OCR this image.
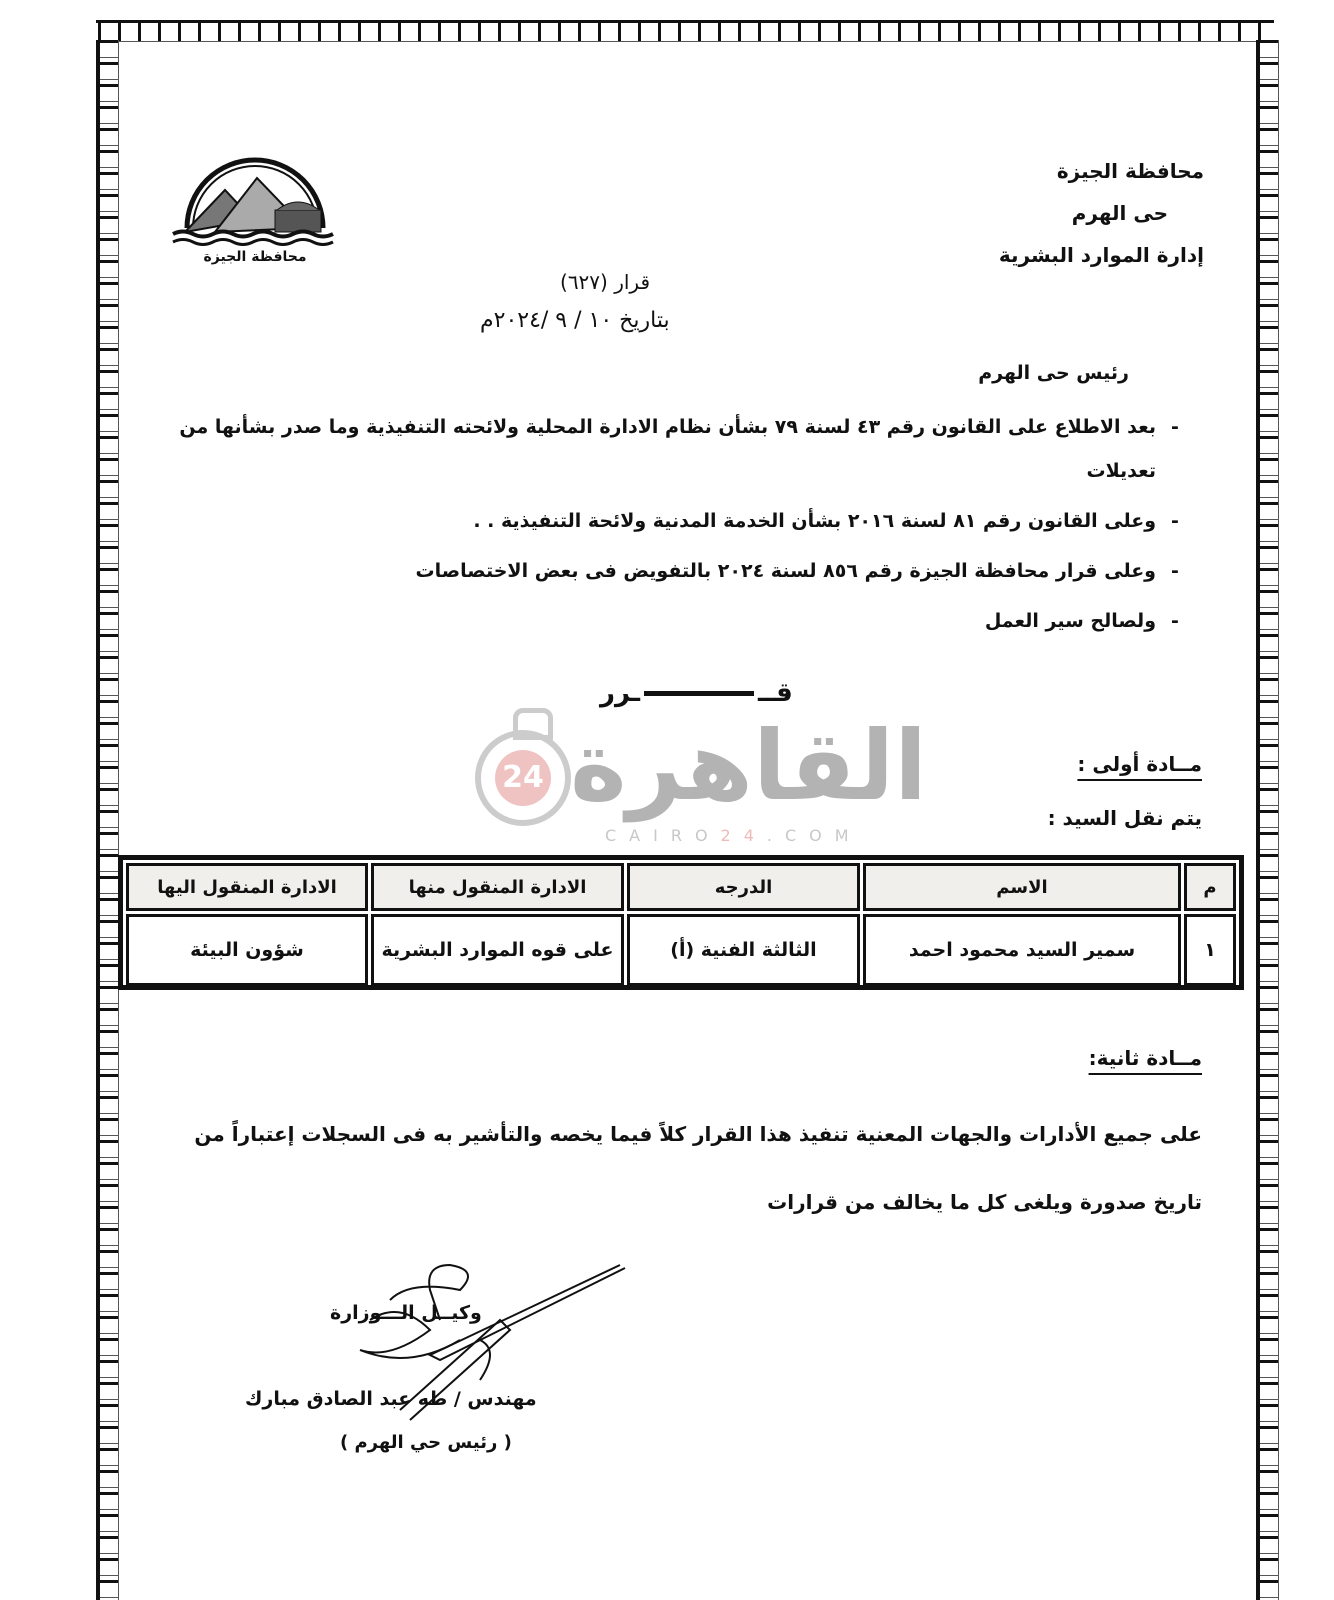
محافظة الجيزة
حى الهرم
إدارة الموارد البشرية
محافظة الجيزة
قرار (٦٢٧)
بتاريخ ١٠ / ٩ /٢٠٢٤م
رئيس حى الهرم
-
بعد الاطلاع على القانون رقم ٤٣ لسنة ٧٩ بشأن نظام الادارة المحلية ولائحته التنفيذية وما صدر بشأنها من تعديلات
-
وعلى القانون رقم ٨١ لسنة ٢٠١٦ بشأن الخدمة المدنية ولائحة التنفيذية . .
-
وعلى قرار محافظة الجيزة رقم ٨٥٦ لسنة ٢٠٢٤ بالتفويض فى بعض الاختصاصات
-
ولصالح سير العمل
قـــرر
24 القاهرة
CAIRO24.COM
مــادة أولى :
يتم نقل السيد :
م	الاسم	الدرجه	الادارة المنقول منها	الادارة المنقول اليها
١	سمير السيد محمود احمد	الثالثة الفنية (أ)	على قوه الموارد البشرية	شؤون البيئة
مــادة ثانية:
على جميع الأدارات والجهات المعنية تنفيذ هذا القرار كلاً فيما يخصه والتأشير به فى السجلات إعتباراً من
تاريخ صدورة ويلغى كل ما يخالف من قرارات
وكيــل الـــوزارة
مهندس / طه عبد الصادق مبارك
( رئيس حي الهرم )
